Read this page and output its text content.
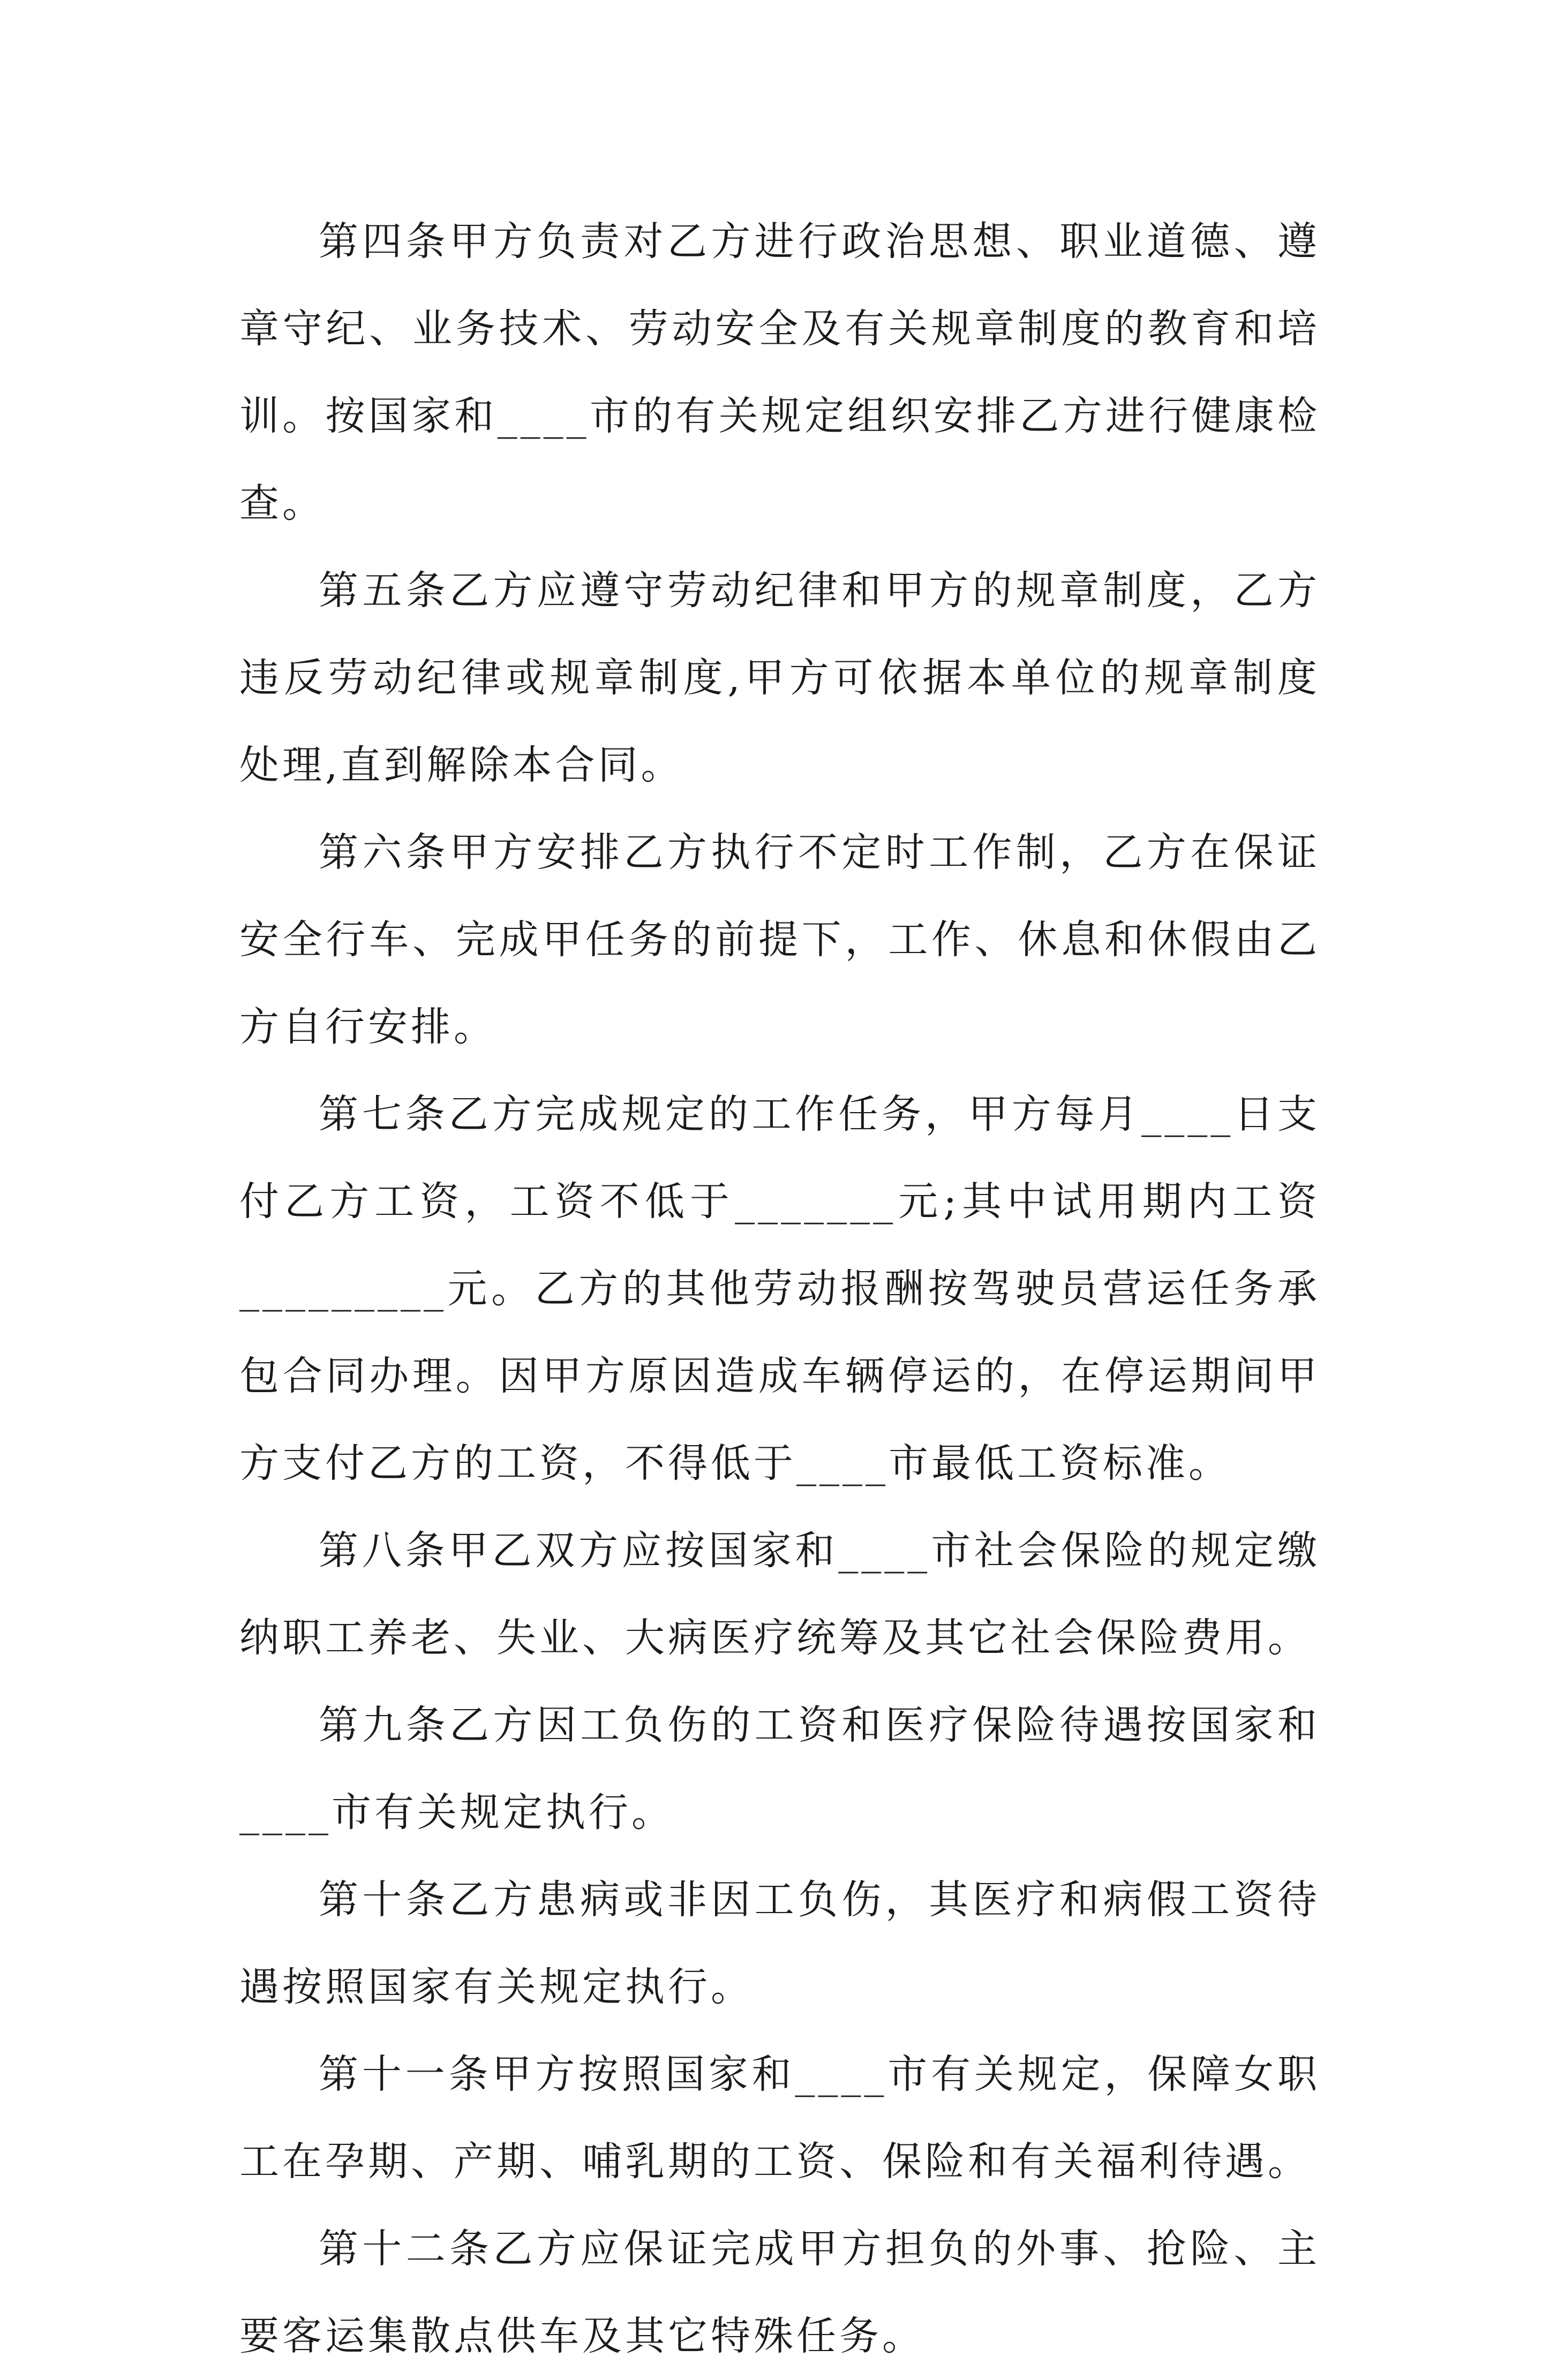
第四条甲方负责对乙方进行政治思想、职业道德、遵章守纪、业务技术、劳动安全及有关规章制度的教育和培训。按国家和____市的有关规定组织安排乙方进行健康检查。

第五条乙方应遵守劳动纪律和甲方的规章制度，乙方违反劳动纪律或规章制度,甲方可依据本单位的规章制度处理,直到解除本合同。

第六条甲方安排乙方执行不定时工作制，乙方在保证安全行车、完成甲任务的前提下，工作、休息和休假由乙方自行安排。

第七条乙方完成规定的工作任务，甲方每月____日支付乙方工资，工资不低于_______元;其中试用期内工资_________元。乙方的其他劳动报酬按驾驶员营运任务承包合同办理。因甲方原因造成车辆停运的，在停运期间甲方支付乙方的工资，不得低于____市最低工资标准。

第八条甲乙双方应按国家和____市社会保险的规定缴纳职工养老、失业、大病医疗统筹及其它社会保险费用。

第九条乙方因工负伤的工资和医疗保险待遇按国家和____市有关规定执行。

第十条乙方患病或非因工负伤，其医疗和病假工资待遇按照国家有关规定执行。

第十一条甲方按照国家和____市有关规定，保障女职工在孕期、产期、哺乳期的工资、保险和有关福利待遇。

第十二条乙方应保证完成甲方担负的外事、抢险、主要客运集散点供车及其它特殊任务。
